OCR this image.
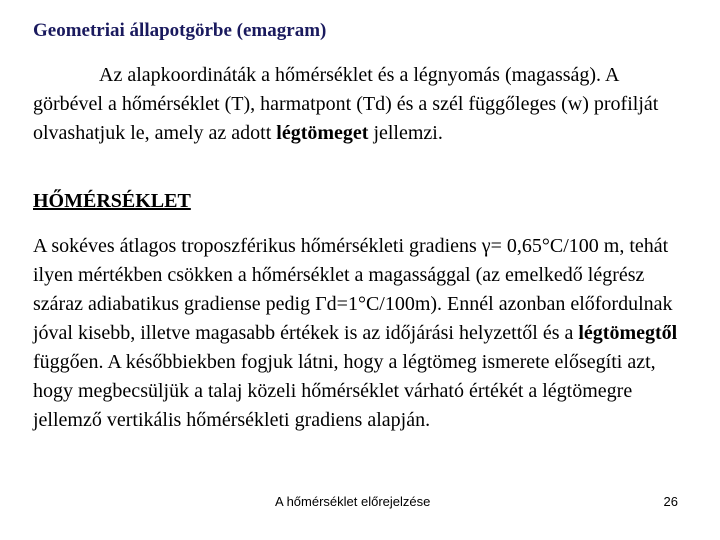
Geometriai állapotgörbe (emagram)

Az alapkoordináták a hőmérséklet és a légnyomás (magasság). A görbével a hőmérséklet (T), harmatpont (Td) és a szél függőleges (w) profilját olvashatjuk le, amely az adott légtömeget jellemzi.

HŐMÉRSÉKLET

A sokéves átlagos troposzférikus hőmérsékleti gradiens γ= 0,65°C/100 m, tehát ilyen mértékben csökken a hőmérséklet a magassággal (az emelkedő légrész száraz adiabatikus gradiense pedig Γd=1°C/100m). Ennél azonban előfordulnak jóval kisebb, illetve magasabb értékek is az időjárási helyzettől és a légtömegtől függően. A későbbiekben fogjuk látni, hogy a légtömeg ismerete elősegíti azt, hogy megbecsüljük a talaj közeli hőmérséklet várható értékét a légtömegre jellemző vertikális hőmérsékleti gradiens alapján.

A hőmérséklet előrejelzése	26
